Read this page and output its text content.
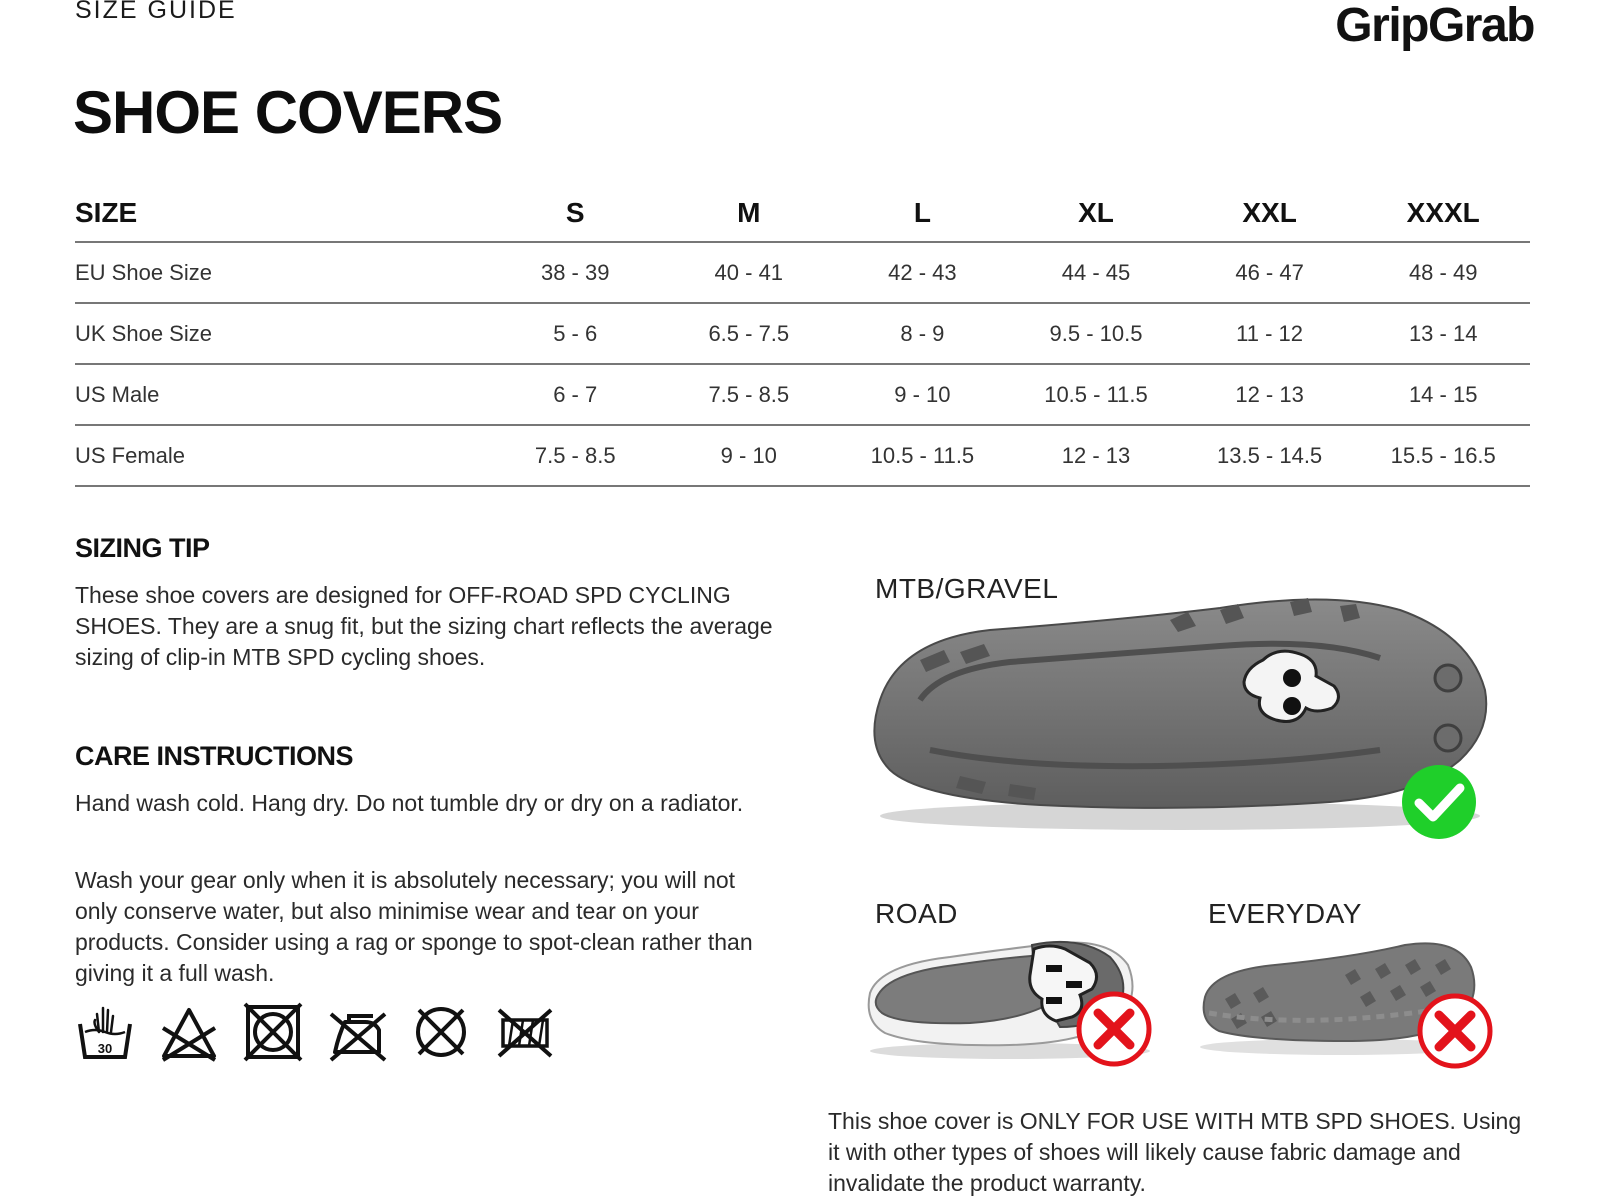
SIZE GUIDE	GripGrab
SHOE COVERS
SIZE	S	M	L	XL	XXL	XXXL
EU Shoe Size	38 - 39	40 - 41	42 - 43	44 - 45	46 - 47	48 - 49
UK Shoe Size	5 - 6	6.5 - 7.5	8 - 9	9.5 - 10.5	11 - 12	13 - 14
US Male	6 - 7	7.5 - 8.5	9 - 10	10.5 - 11.5	12 - 13	14 - 15
US Female	7.5 - 8.5	9 - 10	10.5 - 11.5	12 - 13	13.5 - 14.5	15.5 - 16.5
SIZING TIP

These shoe covers are designed for OFF-ROAD SPD CYCLING SHOES. They are a snug fit, but the sizing chart reflects the average sizing of clip-in MTB SPD cycling shoes.

CARE INSTRUCTIONS

Hand wash cold. Hang dry. Do not tumble dry or dry on a radiator.

Wash your gear only when it is absolutely necessary; you will not only conserve water, but also minimise wear and tear on your products. Consider using a rag or sponge to spot-clean rather than giving it a full wash.

30
MTB/GRAVEL
ROAD	EVERYDAY

This shoe cover is ONLY FOR USE WITH MTB SPD SHOES. Using it with other types of shoes will likely cause fabric damage and invalidate the product warranty.
